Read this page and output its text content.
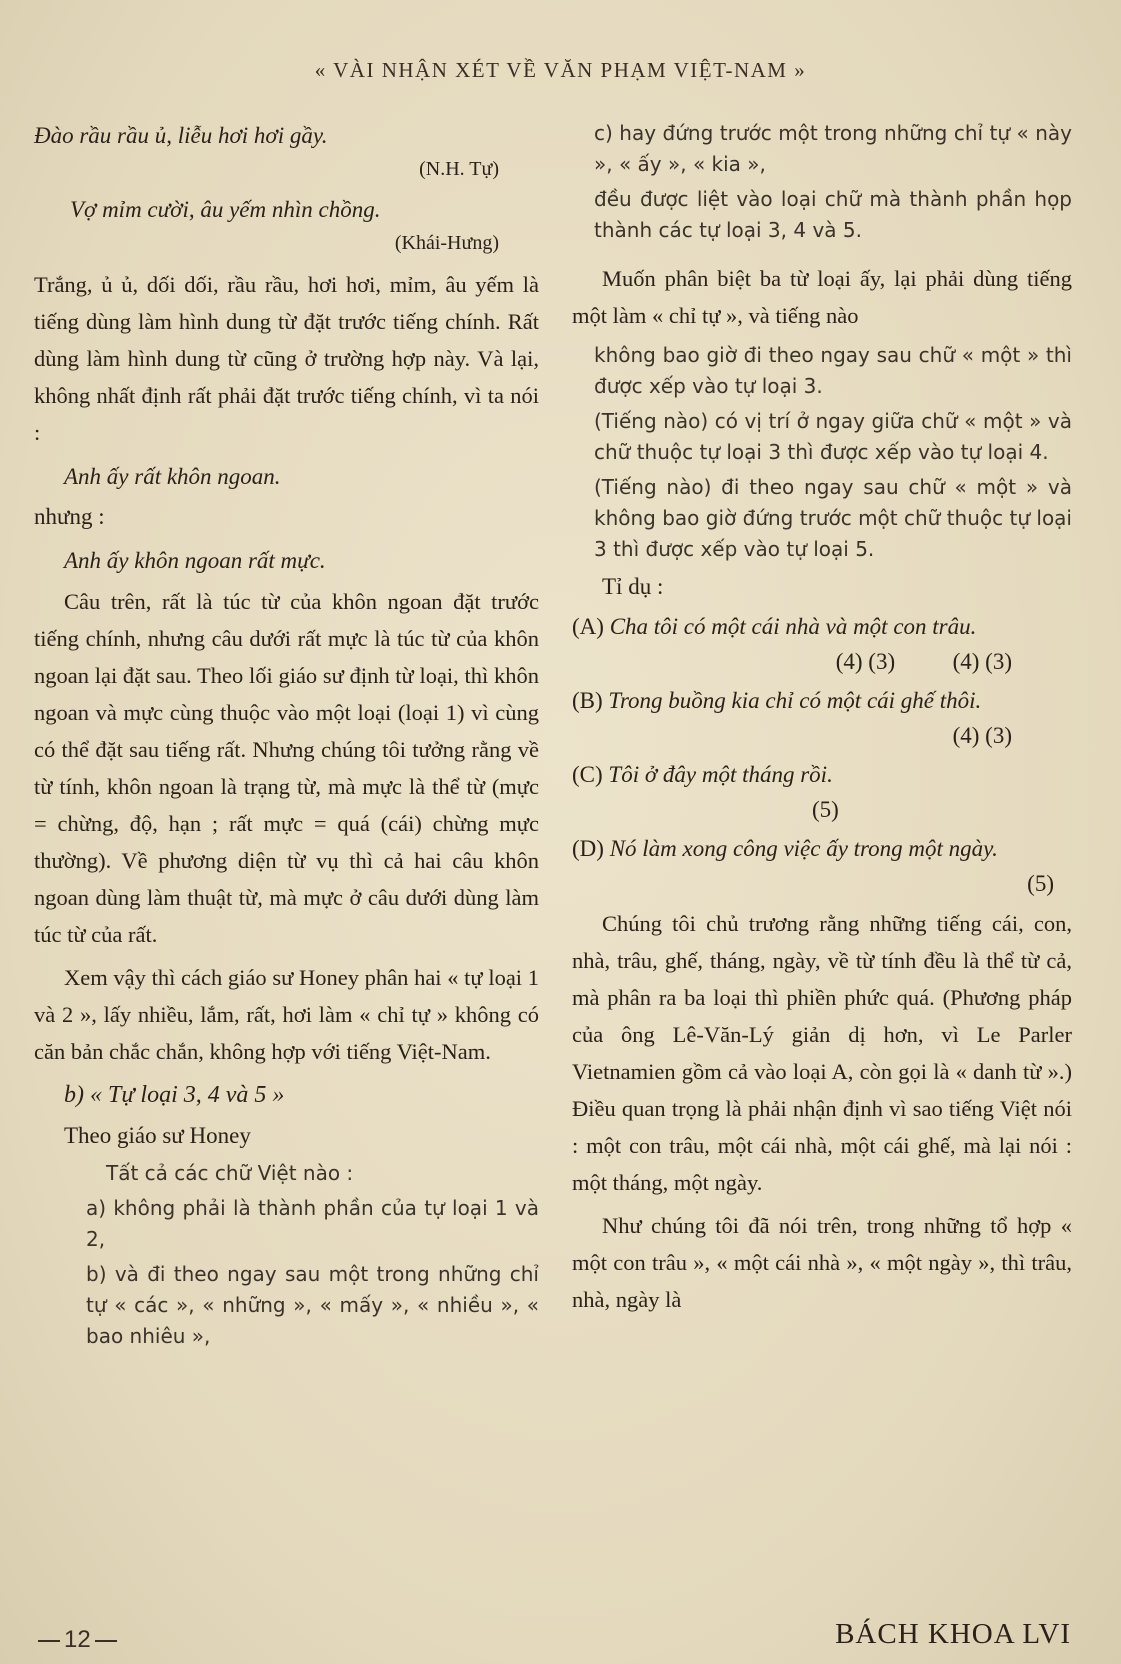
« VÀI NHẬN XÉT VỀ VĂN PHẠM VIỆT-NAM »

Đào rầu rầu ủ, liễu hơi hơi gầy.

(N.H. Tự)

Vợ mỉm cười, âu yếm nhìn chồng.

(Khái-Hưng)

Trắng, ủ ủ, dối dối, rầu rầu, hơi hơi, mỉm, âu yếm là tiếng dùng làm hình dung từ đặt trước tiếng chính. Rất dùng làm hình dung từ cũng ở trường hợp này. Và lại, không nhất định rất phải đặt trước tiếng chính, vì ta nói :

Anh ấy rất khôn ngoan.

nhưng :

Anh ấy khôn ngoan rất mực.

Câu trên, rất là túc từ của khôn ngoan đặt trước tiếng chính, nhưng câu dưới rất mực là túc từ của khôn ngoan lại đặt sau. Theo lối giáo sư định từ loại, thì khôn ngoan và mực cùng thuộc vào một loại (loại 1) vì cùng có thể đặt sau tiếng rất. Nhưng chúng tôi tưởng rằng về từ tính, khôn ngoan là trạng từ, mà mực là thể từ (mực = chừng, độ, hạn ; rất mực = quá (cái) chừng mực thường). Về phương diện từ vụ thì cả hai câu khôn ngoan dùng làm thuật từ, mà mực ở câu dưới dùng làm túc từ của rất.

Xem vậy thì cách giáo sư Honey phân hai « tự loại 1 và 2 », lấy nhiều, lắm, rất, hơi làm « chỉ tự » không có căn bản chắc chắn, không hợp với tiếng Việt-Nam.

b) « Tự loại 3, 4 và 5 »

Theo giáo sư Honey

Tất cả các chữ Việt nào :

a) không phải là thành phần của tự loại 1 và 2,

b) và đi theo ngay sau một trong những chỉ tự « các », « những », « mấy », « nhiều », « bao nhiêu »,

c) hay đứng trước một trong những chỉ tự « này », « ấy », « kia »,

đều được liệt vào loại chữ mà thành phần họp thành các tự loại 3, 4 và 5.

Muốn phân biệt ba từ loại ấy, lại phải dùng tiếng một làm « chỉ tự », và tiếng nào

không bao giờ đi theo ngay sau chữ « một » thì được xếp vào tự loại 3.

(Tiếng nào) có vị trí ở ngay giữa chữ « một » và chữ thuộc tự loại 3 thì được xếp vào tự loại 4.

(Tiếng nào) đi theo ngay sau chữ « một » và không bao giờ đứng trước một chữ thuộc tự loại 3 thì được xếp vào tự loại 5.

Tỉ dụ :

(A) Cha tôi có một cái nhà và một con trâu.

(4) (3)          (4) (3)

(B) Trong buồng kia chỉ có một cái ghế thôi.

(4) (3)

(C) Tôi ở đây một tháng rồi.

(5)

(D) Nó làm xong công việc ấy trong một ngày.

(5)

Chúng tôi chủ trương rằng những tiếng cái, con, nhà, trâu, ghế, tháng, ngày, về từ tính đều là thể từ cả, mà phân ra ba loại thì phiền phức quá. (Phương pháp của ông Lê-Văn-Lý giản dị hơn, vì Le Parler Vietnamien gồm cả vào loại A, còn gọi là « danh từ ».) Điều quan trọng là phải nhận định vì sao tiếng Việt nói : một con trâu, một cái nhà, một cái ghế, mà lại nói : một tháng, một ngày.

Như chúng tôi đã nói trên, trong những tổ hợp « một con trâu », « một cái nhà », « một ngày », thì trâu, nhà, ngày là

12	BÁCH KHOA LVI
